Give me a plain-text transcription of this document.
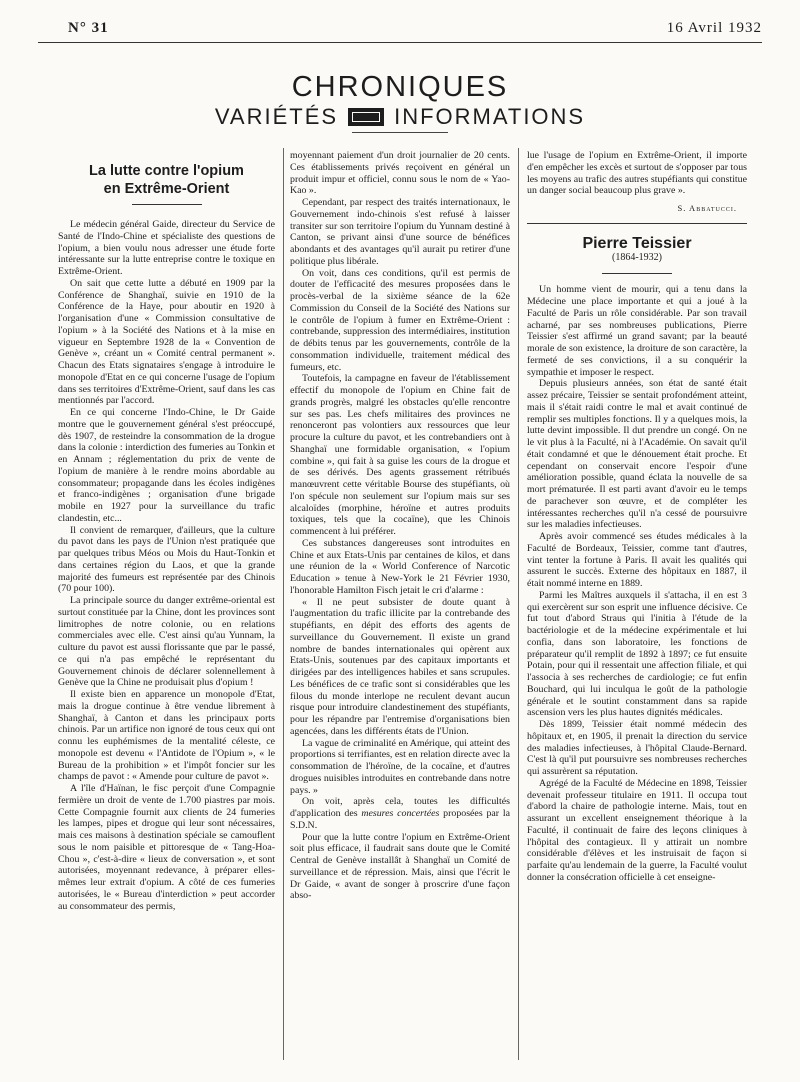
N° 31	16 Avril 1932
CHRONIQUES
VARIÉTÉS	INFORMATIONS
La lutte contre l'opium
en Extrême-Orient

Le médecin général Gaide, directeur du Service de Santé de l'Indo-Chine et spécialiste des questions de l'opium, a bien voulu nous adresser une étude forte intéressante sur la lutte entreprise contre le toxique en Extrême-Orient.

On sait que cette lutte a débuté en 1909 par la Conférence de Shanghaï, suivie en 1910 de la Conférence de la Haye, pour aboutir en 1920 à l'organisation d'une « Commission consultative de l'opium » à la Société des Nations et à la mise en vigueur en Septembre 1928 de la « Convention de Genève », créant un « Comité central permanent ». Chacun des Etats signataires s'engage à introduire le monopole d'Etat en ce qui concerne l'usage de l'opium dans ses territoires d'Extrême-Orient, sauf dans les cas mentionnés par l'accord.

En ce qui concerne l'Indo-Chine, le Dr Gaide montre que le gouvernement général s'est préoccupé, dès 1907, de resteindre la consommation de la drogue dans la colonie : interdiction des fumeries au Tonkin et en Annam ; réglementation du prix de vente de l'opium de manière à le rendre moins abordable au consommateur; propagande dans les écoles indigènes et franco-indigènes ; organisation d'une brigade mobile en 1927 pour la surveillance du trafic clandestin, etc...

Il convient de remarquer, d'ailleurs, que la culture du pavot dans les pays de l'Union n'est pratiquée que par quelques tribus Méos ou Mois du Haut-Tonkin et dans certaines région du Laos, et que la grande majorité des fumeurs est représentée par des Chinois (70 pour 100).

La principale source du danger extrême-oriental est surtout constituée par la Chine, dont les provinces sont limitrophes de notre colonie, ou en relations commerciales avec elle. C'est ainsi qu'au Yunnam, la culture du pavot est aussi florissante que par le passé, ce qui n'a pas empêché le représentant du Gouvernement chinois de déclarer solennellement à Genève que la Chine ne produisait plus d'opium !

Il existe bien en apparence un monopole d'Etat, mais la drogue continue à être vendue librement à Shanghaï, à Canton et dans les principaux ports chinois. Par un artifice non ignoré de tous ceux qui ont connu les euphémismes de la mentalité céleste, ce monopole est devenu « l'Antidote de l'Opium », « le Bureau de la prohibition » et l'impôt foncier sur les champs de pavot : « Amende pour culture de pavot ».

A l'île d'Haïnan, le fisc perçoit d'une Compagnie fermière un droit de vente de 1.700 piastres par mois. Cette Compagnie fournit aux clients de 24 fumeries les lampes, pipes et drogue qui leur sont nécessaires, mais ces maisons à destination spéciale se camouflent sous le nom paisible et pittoresque de « Tang-Hoa-Chou », c'est-à-dire « lieux de conversation », et sont autorisées, moyennant redevance, à préparer elles-mêmes leur extrait d'opium. A côté de ces fumeries autorisées, le « Bureau d'interdiction » peut accorder au consommateur des permis,

moyennant paiement d'un droit journalier de 20 cents. Ces établissements privés reçoivent en général un produit impur et officiel, connu sous le nom de « Yao-Kao ».

Cependant, par respect des traités internationaux, le Gouvernement indo-chinois s'est refusé à laisser transiter sur son territoire l'opium du Yunnam destiné à Canton, se privant ainsi d'une source de bénéfices abondants et des avantages qu'il aurait pu retirer d'une politique plus libérale.

On voit, dans ces conditions, qu'il est permis de douter de l'efficacité des mesures proposées dans le procès-verbal de la sixième séance de la 62e Commission du Conseil de la Société des Nations sur le contrôle de l'opium à fumer en Extrême-Orient : contrebande, suppression des intermédiaires, institution de débits tenus par les gouvernements, contrôle de la consommation individuelle, traitement médical des fumeurs, etc.

Toutefois, la campagne en faveur de l'établissement effectif du monopole de l'opium en Chine fait de grands progrès, malgré les obstacles qu'elle rencontre sur ses pas. Les chefs militaires des provinces ne renonceront pas volontiers aux ressources que leur procure la culture du pavot, et les contrebandiers ont à Shanghaï une formidable organisation, « l'opium combine », qui fait à sa guise les cours de la drogue et de ses dérivés. Des agents grassement rétribués manœuvrent cette véritable Bourse des stupéfiants, où l'on spécule non seulement sur l'opium mais sur ses alcaloïdes (morphine, héroïne et autres produits toxiques, tels que la cocaïne), que les Chinois commencent à lui préférer.

Ces substances dangereuses sont introduites en Chine et aux Etats-Unis par centaines de kilos, et dans une réunion de la « World Conference of Narcotic Education » tenue à New-York le 21 Février 1930, l'honorable Hamilton Fisch jetait le cri d'alarme :

« Il ne peut subsister de doute quant à l'augmentation du trafic illicite par la contrebande des stupéfiants, en dépit des efforts des agents de surveillance du Gouvernement. Il existe un grand nombre de bandes internationales qui opèrent aux Etats-Unis, soutenues par des capitaux importants et dirigées par des intelligences habiles et sans scrupules. Les bénéfices de ce trafic sont si considérables que les filous du monde interlope ne reculent devant aucun risque pour introduire clandestinement des stupéfiants, pour les répandre par l'entremise d'organisations bien agencées, dans les différents états de l'Union.

La vague de criminalité en Amérique, qui atteint des proportions si terrifiantes, est en relation directe avec la consommation de l'héroïne, de la cocaïne, et d'autres drogues nuisibles introduites en contrebande dans notre pays. »

On voit, après cela, toutes les difficultés d'application des mesures concertées proposées par la S.D.N.

Pour que la lutte contre l'opium en Extrême-Orient soit plus efficace, il faudrait sans doute que le Comité Central de Genève installât à Shanghaï un Comité de surveillance et de répression. Mais, ainsi que l'écrit le Dr Gaide, « avant de songer à proscrire d'une façon abso-

lue l'usage de l'opium en Extrême-Orient, il importe d'en empêcher les excès et surtout de s'opposer par tous les moyens au trafic des autres stupéfiants qui constitue un danger social beaucoup plus grave ».

S. Abbatucci.
Pierre Teissier
(1864-1932)

Un homme vient de mourir, qui a tenu dans la Médecine une place importante et qui a joué à la Faculté de Paris un rôle considérable. Par son travail acharné, par ses nombreuses publications, Pierre Teissier s'est affirmé un grand savant; par la beauté morale de son existence, la droiture de son caractère, la fermeté de ses convictions, il a su conquérir la sympathie et imposer le respect.

Depuis plusieurs années, son état de santé était assez précaire, Teissier se sentait profondément atteint, mais il s'était raidi contre le mal et avait continué de remplir ses multiples fonctions. Il y a quelques mois, la lutte devint impossible. Il dut prendre un congé. On ne le vit plus à la Faculté, ni à l'Académie. On savait qu'il était condamné et que le dénouement était proche. Et cependant on conservait encore l'espoir d'une amélioration possible, quand éclata la nouvelle de sa mort prématurée. Il est parti avant d'avoir eu le temps de parachever son œuvre, et de compléter les intéressantes recherches qu'il n'a cessé de poursuivre sur les maladies infectieuses.

Après avoir commencé ses études médicales à la Faculté de Bordeaux, Teissier, comme tant d'autres, vint tenter la fortune à Paris. Il avait les qualités qui assurent le succès. Externe des hôpitaux en 1887, il était nommé interne en 1889.

Parmi les Maîtres auxquels il s'attacha, il en est 3 qui exercèrent sur son esprit une influence décisive. Ce fut tout d'abord Straus qui l'initia à l'étude de la bactériologie et de la médecine expérimentale et lui confia, dans son laboratoire, les fonctions de préparateur qu'il remplit de 1892 à 1897; ce fut ensuite Potain, pour qui il ressentait une affection filiale, et qui l'associa à ses recherches de cardiologie; ce fut enfin Bouchard, qui lui inculqua le goût de la pathologie générale et le soutint constamment dans sa rapide ascension vers les plus hautes dignités médicales.

Dès 1899, Teissier était nommé médecin des hôpitaux et, en 1905, il prenait la direction du service des maladies infectieuses, à l'hôpital Claude-Bernard. C'est là qu'il put poursuivre ses nombreuses recherches qui assurèrent sa réputation.

Agrégé de la Faculté de Médecine en 1898, Teissier devenait professeur titulaire en 1911. Il occupa tout d'abord la chaire de pathologie interne. Mais, tout en assurant un excellent enseignement théorique à la Faculté, il continuait de faire des leçons cliniques à l'hôpital des contagieux. Il y attirait un nombre considérable d'élèves et les instruisait de façon si parfaite qu'au lendemain de la guerre, la Faculté voulut donner la consécration officielle à cet enseigne-
